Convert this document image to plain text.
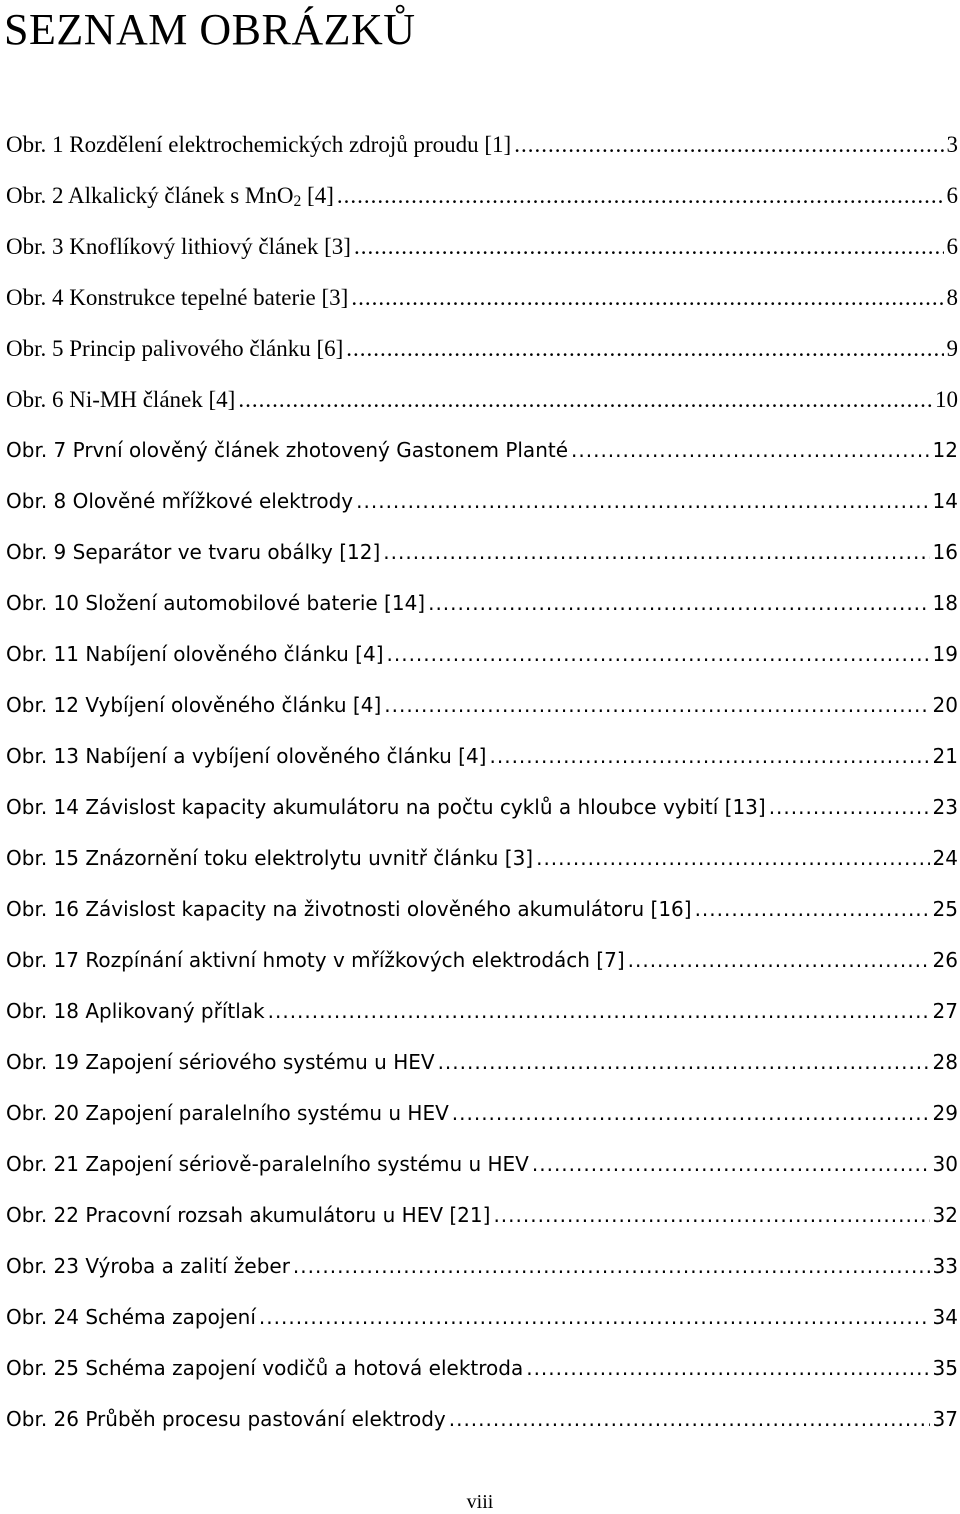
SEZNAM OBRÁZKŮ
Obr. 1 Rozdělení elektrochemických zdrojů proudu [1] .....	3
Obr. 2 Alkalický článek s MnO$_2$ [4] .....	6
Obr. 3 Knoflíkový lithiový článek [3] .....	6
Obr. 4 Konstrukce tepelné baterie [3] .....	8
Obr. 5 Princip palivového článku [6] .....	9
Obr. 6 Ni-MH článek [4] .....	10
Obr. 7 První olověný článek zhotovený Gastonem Planté .....	12
Obr. 8 Olověné mřížkové elektrody .....	14
Obr. 9 Separátor ve tvaru obálky [12] .....	16
Obr. 10 Složení automobilové baterie [14] .....	18
Obr. 11 Nabíjení olověného článku [4] .....	19
Obr. 12 Vybíjení olověného článku [4] .....	20
Obr. 13 Nabíjení a vybíjení olověného článku [4] .....	21
Obr. 14 Závislost kapacity akumulátoru na počtu cyklů a hloubce vybití [13] .....	23
Obr. 15 Znázornění toku elektrolytu uvnitř článku [3] .....	24
Obr. 16 Závislost kapacity na životnosti olověného akumulátoru [16] .....	25
Obr. 17 Rozpínání aktivní hmoty v mřížkových elektrodách [7] .....	26
Obr. 18 Aplikovaný přítlak .....	27
Obr. 19 Zapojení sériového systému u HEV .....	28
Obr. 20 Zapojení paralelního systému u HEV .....	29
Obr. 21 Zapojení sériově-paralelního systému u HEV .....	30
Obr. 22 Pracovní rozsah akumulátoru u HEV [21] .....	32
Obr. 23 Výroba a zalití žeber .....	33
Obr. 24 Schéma zapojení .....	34
Obr. 25 Schéma zapojení vodičů a hotová elektroda .....	35
Obr. 26 Průběh procesu pastování elektrody .....	37
viii
